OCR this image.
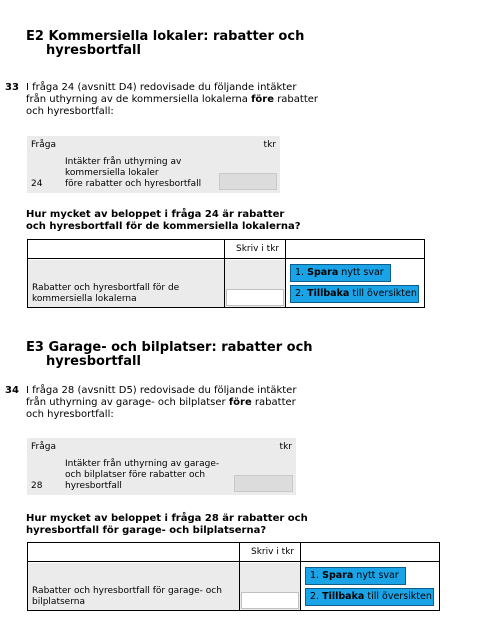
E2 Kommersiella lokaler: rabatter och
hyresbortfall
33 I fråga 24 (avsnitt D4) redovisade du följande intäkter
från uthyrning av de kommersiella lokalerna före rabatter
och hyresbortfall:
Fråga	tkr
Intäkter från uthyrning av
kommersiella lokaler
före rabatter och hyresbortfall
24
Hur mycket av beloppet i fråga 24 är rabatter
och hyresbortfall för de kommersiella lokalerna?
Skriv i tkr
Rabatter och hyresbortfall för de
kommersiella lokalerna
1. Spara nytt svar
2. Tillbaka till översikten
E3 Garage- och bilplatser: rabatter och
hyresbortfall
34 I fråga 28 (avsnitt D5) redovisade du följande intäkter
från uthyrning av garage- och bilplatser före rabatter
och hyresbortfall:
Fråga	tkr
Intäkter från uthyrning av garage-
och bilplatser före rabatter och
hyresbortfall
28
Hur mycket av beloppet i fråga 28 är rabatter och
hyresbortfall för garage- och bilplatserna?
Skriv i tkr
Rabatter och hyresbortfall för garage- och
bilplatserna
1. Spara nytt svar
2. Tillbaka till översikten
